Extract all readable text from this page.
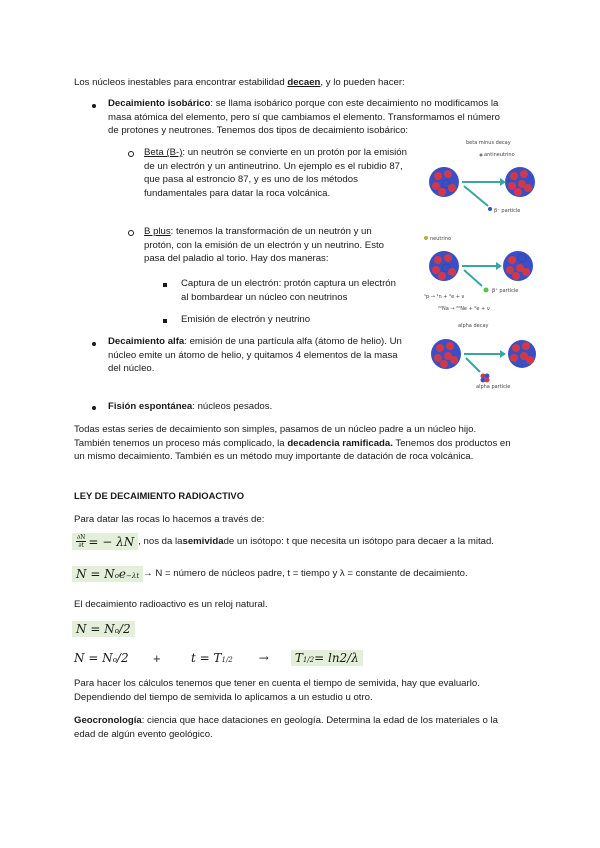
Los núcleos inestables para encontrar estabilidad decaen, y lo pueden hacer:

Decaimiento isobárico: se llama isobárico porque con este decaimiento no modificamos la

masa atómica del elemento, pero sí que cambiamos el elemento. Transformamos el número

de protones y neutrones. Tenemos dos tipos de decaimiento isobárico:

Beta (B-): un neutrón se convierte en un protón por la emisión

de un electrón y un antineutrino. Un ejemplo es el rubidio 87,

que pasa al estroncio 87, y es uno de los métodos

fundamentales para datar la roca volcánica.

B plus: tenemos la transformación de un neutrón y un

protón, con la emisión de un electrón y un neutrino. Esto

pasa del paladio al torio. Hay dos maneras:

Captura de un electrón: protón captura un electrón

al bombardear un núcleo con neutrinos

Emisión de electrón y neutrino

Decaimiento alfa: emisión de una partícula alfa (átomo de helio). Un

núcleo emite un átomo de helio, y quitamos 4 elementos de la masa

del núcleo.

Fisión espontánea: núcleos pesados.

Todas estas series de decaimiento son simples, pasamos de un núcleo padre a un núcleo hijo.

También tenemos un proceso más complicado, la decadencia ramificada. Tenemos dos productos en

un mismo decaimiento. También es un método muy importante de datación de roca volcánica.

LEY DE DECAIMIENTO RADIOACTIVO

Para datar las rocas lo hacemos a través de:

$\frac{\partial N}{\partial t}$ = − λN , nos da la semivida de un isótopo: t que necesita un isótopo para decaer a la mitad.
N = N o e −λt → N = número de núcleos padre, t = tiempo y λ = constante de decaimiento.

El decaimiento radioactivo es un reloj natural.

N = N o /2
N = N o /2 +	t = T 1/2 → T 1/2 = ln2/λ

Para hacer los cálculos tenemos que tener en cuenta el tiempo de semivida, hay que evaluarlo.

Dependiendo del tiempo de semivida lo aplicamos a un estudio u otro.

Geocronología: ciencia que hace dataciones en geología. Determina la edad de los materiales o la

edad de algún evento geológico.

beta minus decay
antineutrino
β⁻ particle
neutrino
β⁺ particle
¹p → ¹n + ⁰e + ν
²²Na → ²²Ne + ⁰e + ν
alpha decay
alpha particle
